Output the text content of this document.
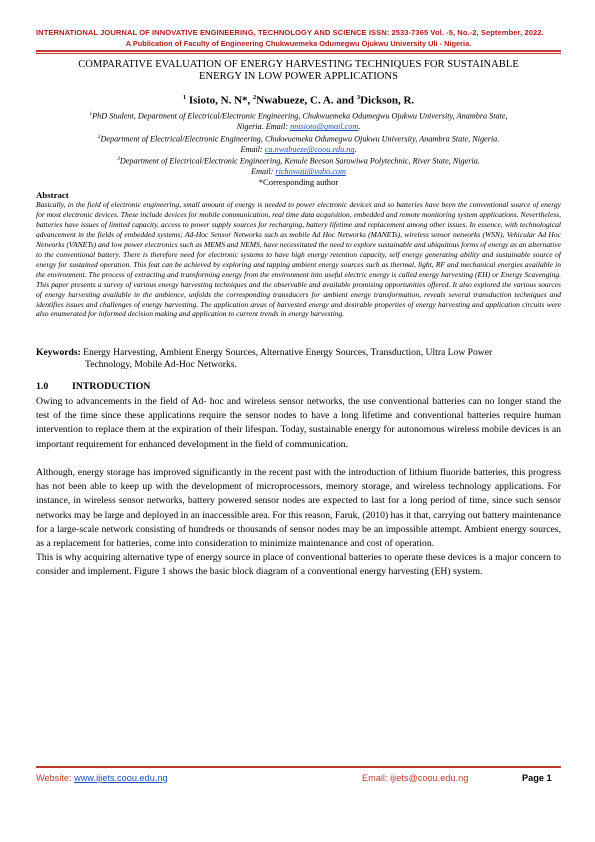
INTERNATIONAL JOURNAL OF INNOVATIVE ENGINEERING, TECHNOLOGY AND SCIENCE ISSN: 2533-7365 Vol. -5, No.-2, September, 2022.
A Publication of Faculty of Engineering Chukwuemeka Odumegwu Ojukwu University Uli - Nigeria.
COMPARATIVE EVALUATION OF ENERGY HARVESTING TECHNIQUES FOR SUSTAINABLE
ENERGY IN LOW POWER APPLICATIONS
$^1$ Isioto, N. N*, $^2$Nwabueze, C. A. and $^3$Dickson, R.
$^1$PhD Student, Department of Electrical/Electronic Engineering, Chukwuemeka Odumegwu Ojukwu University, Anambra State,
Nigeria. Email: nnisioto@gmail.com.
$^2$Department of Electrical/Electronic Engineering, Chukwuemeka Odumegwu Ojukwu University, Anambra State, Nigeria.
Email: ca.nwabueze@coou.edu.ng.
$^3$Department of Electrical/Electronic Engineering, Kenule Beeson Sarowiwa Polytechnic, River State, Nigeria.
Email: richowaji@yaho.com
*Corresponding author
Abstract
Basically, in the field of electronic engineering, small amount of energy is needed to power electronic devices and so batteries have been the conventional source of energy for most electronic devices. These include devices for mobile communication, real time data acquisition, embedded and remote monitoring system applications. Nevertheless, batteries have issues of limited capacity, access to power supply sources for recharging, battery lifetime and replacement among other issues. In essence, with technological advancement in the fields of embedded systems; Ad-Hoc Sensor Networks such as mobile Ad Hoc Networks (MANETs), wireless sensor networks (WSN), Vehicular Ad Hoc Networks (VANETs) and low power electronics such as MEMS and NEMS, have necessitated the need to explore sustainable and ubiquitous forms of energy as an alternative to the conventional battery. There is therefore need for electronic systems to have high energy retention capacity, self energy generating ability and sustainable source of energy for sustained operation. This feat can be achieved by exploring and tapping ambient energy sources such as thermal, light, RF and mechanical energies available in the environment. The process of extracting and transforming energy from the environment into useful electric energy is called energy harvesting (EH) or Energy Scavenging. This paper presents a survey of various energy harvesting techniques and the observable and available promising opportunities offered. It also explored the various sources of energy harvesting available in the ambience, unfolds the corresponding transducers for ambient energy transformation, reveals several transduction techniques and identifies issues and challenges of energy harvesting. The application areas of harvested energy and desirable properties of energy harvesting and application circuits were also enumerated for informed decision making and application to current trends in energy harvesting.
Keywords: Energy Harvesting, Ambient Energy Sources, Alternative Energy Sources, Transduction, Ultra Low Power Technology, Mobile Ad-Hoc Networks.
1.0 INTRODUCTION
Owing to advancements in the field of Ad- hoc and wireless sensor networks, the use conventional batteries can no longer stand the test of the time since these applications require the sensor nodes to have a long lifetime and conventional batteries require human intervention to replace them at the expiration of their lifespan. Today, sustainable energy for autonomous wireless mobile devices is an important requirement for enhanced development in the field of communication.
Although, energy storage has improved significantly in the recent past with the introduction of lithium fluoride batteries, this progress has not been able to keep up with the development of microprocessors, memory storage, and wireless technology applications. For instance, in wireless sensor networks, battery powered sensor nodes are expected to last for a long period of time, since such sensor networks may be large and deployed in an inaccessible area. For this reason, Faruk, (2010) has it that, carrying out battery maintenance for a large-scale network consisting of hundreds or thousands of sensor nodes may be an impossible attempt. Ambient energy sources, as a replacement for batteries, come into consideration to minimize maintenance and cost of operation.
This is why acquiring alternative type of energy source in place of conventional batteries to operate these devices is a major concern to consider and implement. Figure 1 shows the basic block diagram of a conventional energy harvesting (EH) system.
Website: www.ijiets.coou.edu.ng	Email: ijiets@coou.edu.ng	Page 1
